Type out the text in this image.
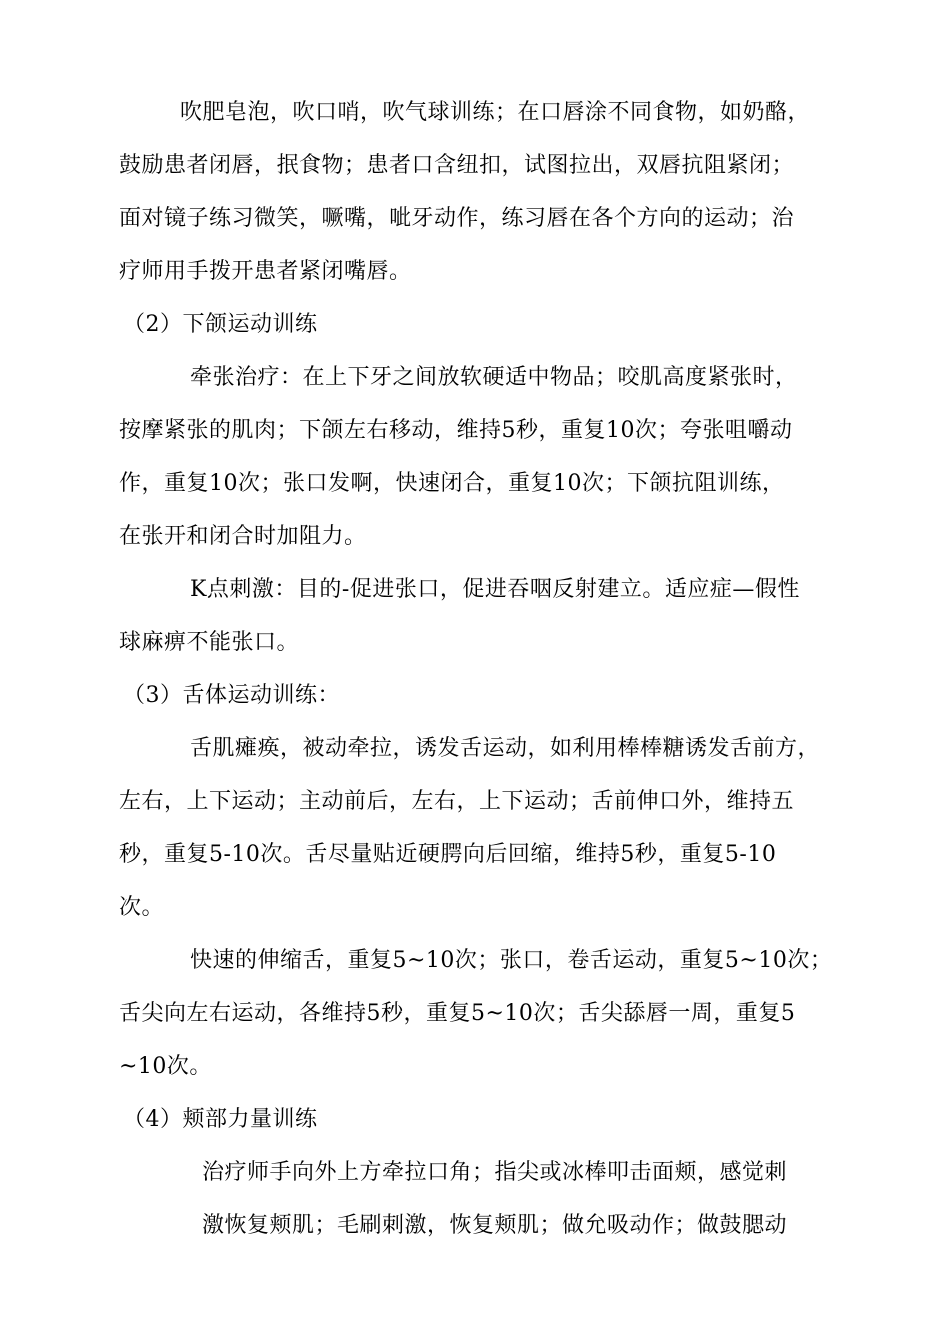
吹肥皂泡，吹口哨，吹气球训练；在口唇涂不同食物，如奶酪，
鼓励患者闭唇，抿食物；患者口含纽扣，试图拉出，双唇抗阻紧闭；
面对镜子练习微笑，噘嘴，呲牙动作，练习唇在各个方向的运动；治
疗师用手拨开患者紧闭嘴唇。
（2）下颌运动训练
牵张治疗：在上下牙之间放软硬适中物品；咬肌高度紧张时，
按摩紧张的肌肉；下颌左右移动，维持5秒，重复10次；夸张咀嚼动
作，重复10次；张口发啊，快速闭合，重复10次；下颌抗阻训练，
在张开和闭合时加阻力。
K点刺激：目的-促进张口，促进吞咽反射建立。适应症—假性
球麻痹不能张口。
（3）舌体运动训练：
舌肌瘫痪，被动牵拉，诱发舌运动，如利用棒棒糖诱发舌前方，
左右，上下运动；主动前后，左右，上下运动；舌前伸口外，维持五
秒，重复5-10次。舌尽量贴近硬腭向后回缩，维持5秒，重复5-10
次。
快速的伸缩舌，重复5~10次；张口，卷舌运动，重复5~10次；
舌尖向左右运动，各维持5秒，重复5~10次；舌尖舔唇一周，重复5
~10次。
（4）颊部力量训练
治疗师手向外上方牵拉口角；指尖或冰棒叩击面颊，感觉刺
激恢复颊肌；毛刷刺激，恢复颊肌；做允吸动作；做鼓腮动
